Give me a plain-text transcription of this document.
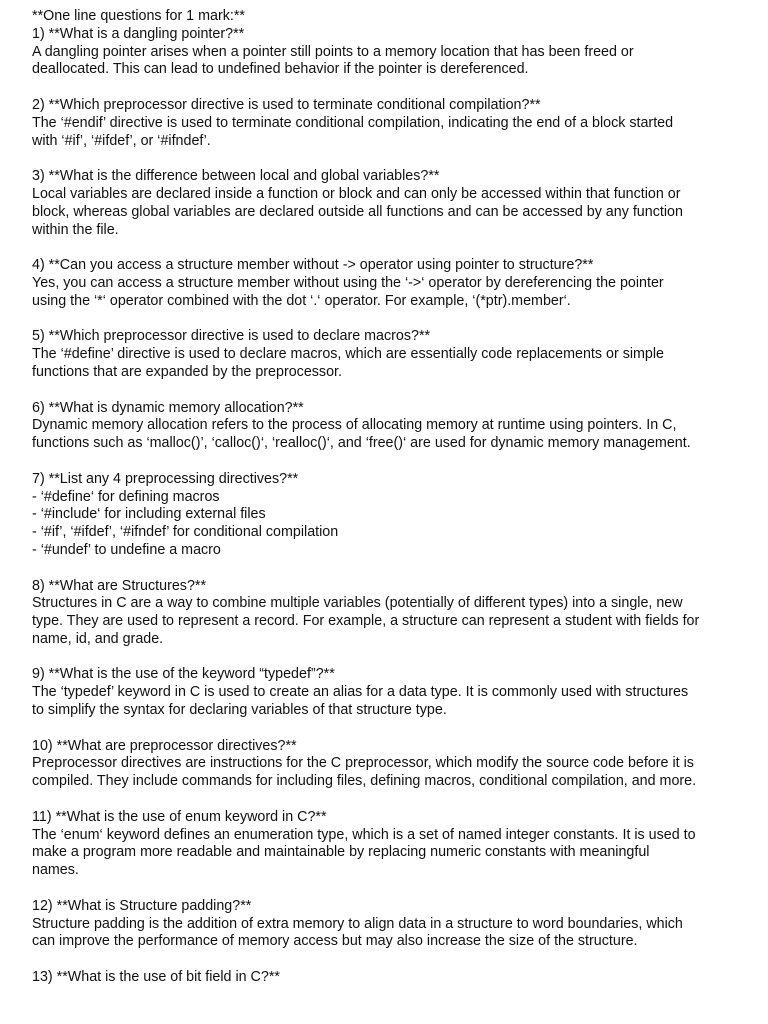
**One line questions for 1 mark:**
1) **What is a dangling pointer?**
A dangling pointer arises when a pointer still points to a memory location that has been freed or
deallocated. This can lead to undefined behavior if the pointer is dereferenced.
2) **Which preprocessor directive is used to terminate conditional compilation?**
The ‘#endif’ directive is used to terminate conditional compilation, indicating the end of a block started
with ‘#if’, ‘#ifdef’, or ‘#ifndef’.
3) **What is the difference between local and global variables?**
Local variables are declared inside a function or block and can only be accessed within that function or
block, whereas global variables are declared outside all functions and can be accessed by any function
within the file.
4) **Can you access a structure member without -> operator using pointer to structure?**
Yes, you can access a structure member without using the ‘->‘ operator by dereferencing the pointer
using the ‘*‘ operator combined with the dot ‘.‘ operator. For example, ‘(*ptr).member‘.
5) **Which preprocessor directive is used to declare macros?**
The ‘#define’ directive is used to declare macros, which are essentially code replacements or simple
functions that are expanded by the preprocessor.
6) **What is dynamic memory allocation?**
Dynamic memory allocation refers to the process of allocating memory at runtime using pointers. In C,
functions such as ‘malloc()’, ‘calloc()‘, ‘realloc()‘, and ‘free()‘ are used for dynamic memory management.
7) **List any 4 preprocessing directives?**
- ‘#define‘ for defining macros
- ‘#include‘ for including external files
- ‘#if’, ‘#ifdef’, ‘#ifndef’ for conditional compilation
- ‘#undef’ to undefine a macro
8) **What are Structures?**
Structures in C are a way to combine multiple variables (potentially of different types) into a single, new
type. They are used to represent a record. For example, a structure can represent a student with fields for
name, id, and grade.
9) **What is the use of the keyword “typedef”?**
The ‘typedef’ keyword in C is used to create an alias for a data type. It is commonly used with structures
to simplify the syntax for declaring variables of that structure type.
10) **What are preprocessor directives?**
Preprocessor directives are instructions for the C preprocessor, which modify the source code before it is
compiled. They include commands for including files, defining macros, conditional compilation, and more.
11) **What is the use of enum keyword in C?**
The ‘enum‘ keyword defines an enumeration type, which is a set of named integer constants. It is used to
make a program more readable and maintainable by replacing numeric constants with meaningful
names.
12) **What is Structure padding?**
Structure padding is the addition of extra memory to align data in a structure to word boundaries, which
can improve the performance of memory access but may also increase the size of the structure.
13) **What is the use of bit field in C?**
